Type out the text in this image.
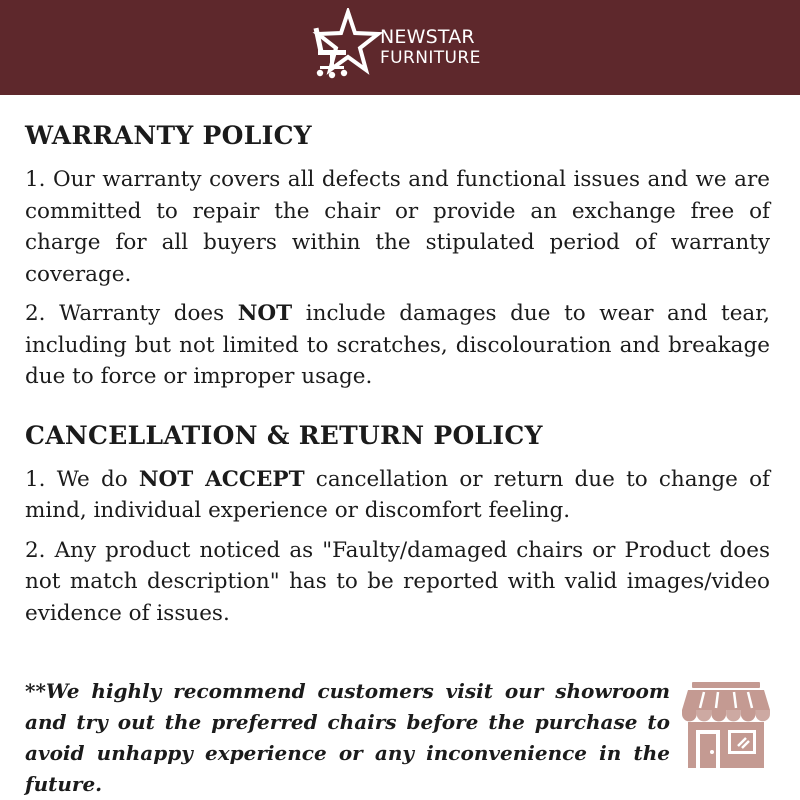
NEWSTAR
FURNITURE
WARRANTY POLICY

1. Our warranty covers all defects and functional issues and we are committed to repair the chair or provide an exchange free of charge for all buyers within the stipulated period of warranty coverage.

2. Warranty does NOT include damages due to wear and tear, including but not limited to scratches, discolouration and breakage due to force or improper usage.

CANCELLATION & RETURN POLICY

1. We do NOT ACCEPT cancellation or return due to change of mind, individual experience or discomfort feeling.

2. Any product noticed as "Faulty/damaged chairs or Product does not match description" has to be reported with valid images/video evidence of issues.

**We highly recommend customers visit our showroom and try out the preferred chairs before the purchase to avoid unhappy experience or any inconvenience in the future.
